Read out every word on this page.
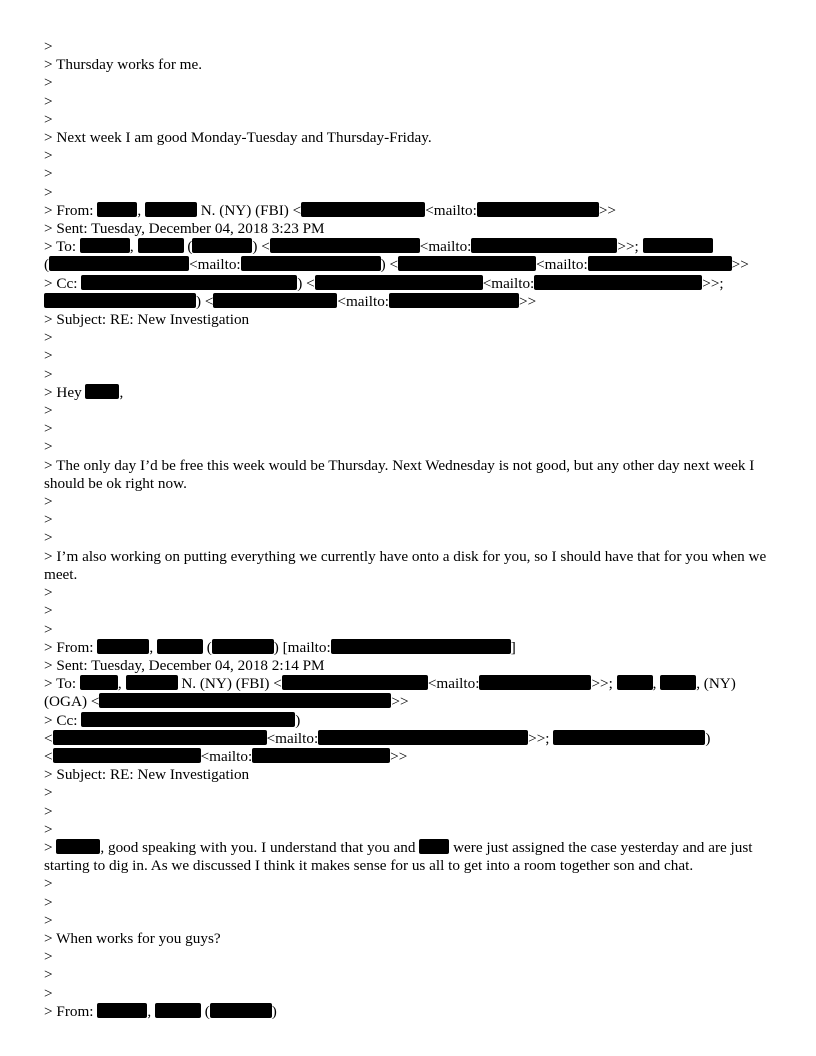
>
> Thursday works for me.
>
>
>
> Next week I am good Monday-Tuesday and Thursday-Friday.
>
>
>
> From:	,	N. (NY) (FBI) <	<mailto:	>>
> Sent: Tuesday, December 04, 2018 3:23 PM
> To:	,	(	) <	<mailto:	>>;
(	<mailto:	) <	<mailto:	>>
> Cc:	) <	<mailto:	>>;
) <	<mailto:	>>
> Subject: RE: New Investigation
>
>
>
> Hey ,
>
>
>
> The only day I’d be free this week would be Thursday. Next Wednesday is not good, but any other day next week I should be ok right now.
>
>
>
> I’m also working on putting everything we currently have onto a disk for you, so I should have that for you when we meet.
>
>
>
> From:	,	(	) [mailto:	]
> Sent: Tuesday, December 04, 2018 2:14 PM
> To:	,	N. (NY) (FBI) <	<mailto:	>>;	,	, (NY)
(OGA) <	>>
> Cc:	)
<	<mailto:	>>;	)
<	<mailto:	>>
> Subject: RE: New Investigation
>
>
>
>	, good speaking with you. I understand that you and were just assigned the case yesterday and are just starting to dig in. As we discussed I think it makes sense for us all to get into a room together son and chat.
>
>
>
> When works for you guys?
>
>
>
> From:	,	(	)
